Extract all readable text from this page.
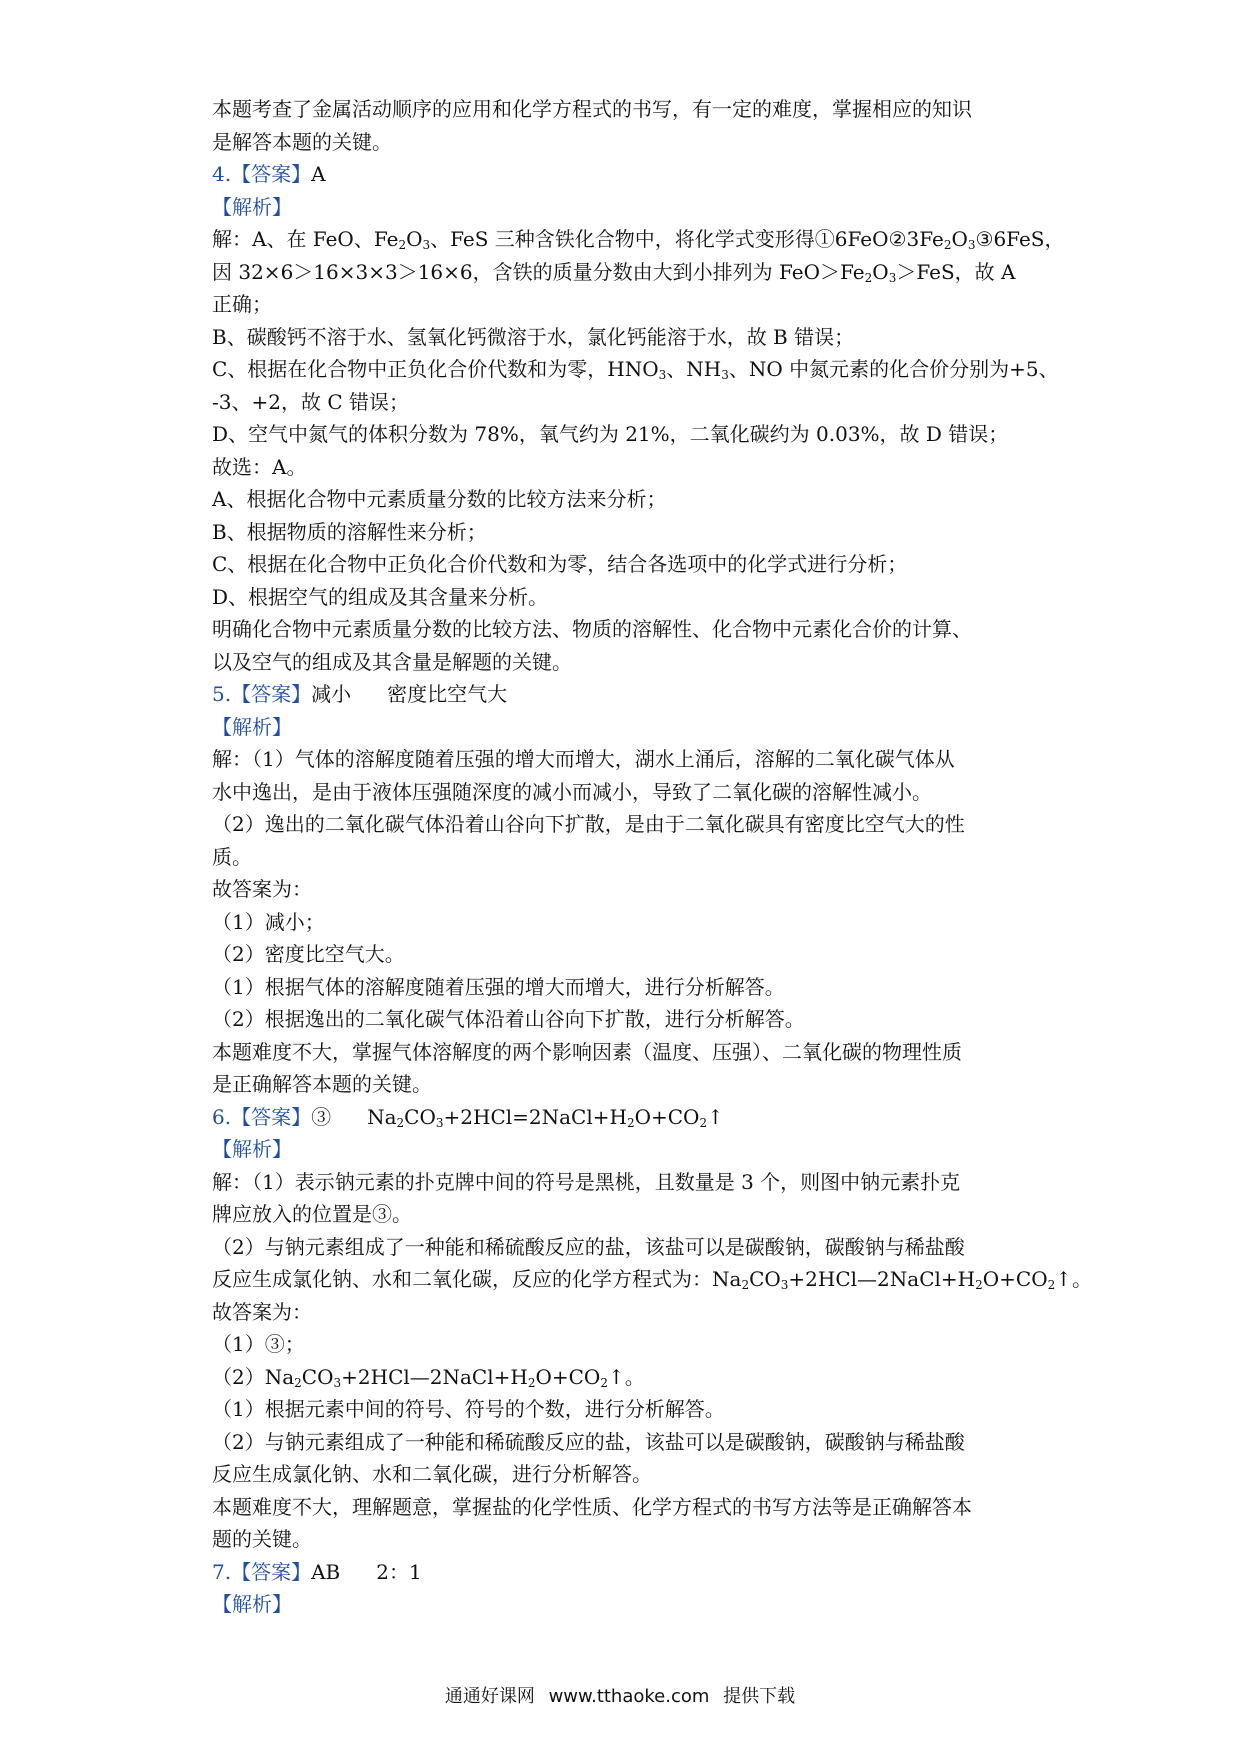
本题考查了金属活动顺序的应用和化学方程式的书写，有一定的难度，掌握相应的知识
是解答本题的关键。
4.【答案】A
【解析】
解：A、在 FeO、$Fe_2O_3$、FeS 三种含铁化合物中，将化学式变形得$①6FeO②3Fe_2O_3③6FeS$，
因 32×6＞16×3×3＞16×6，含铁的质量分数由大到小排列为 $FeO>Fe_2O_3>FeS$，故 A
正确；
B、碳酸钙不溶于水、氢氧化钙微溶于水，氯化钙能溶于水，故 B 错误；
C、根据在化合物中正负化合价代数和为零，$HNO_3$、$NH_3$、NO 中氮元素的化合价分别为+5、
-3、+2，故 C 错误；
D、空气中氮气的体积分数为 78%，氧气约为 21%，二氧化碳约为 0.03%，故 D 错误；
故选：A。
A、根据化合物中元素质量分数的比较方法来分析；
B、根据物质的溶解性来分析；
C、根据在化合物中正负化合价代数和为零，结合各选项中的化学式进行分析；
D、根据空气的组成及其含量来分析。
明确化合物中元素质量分数的比较方法、物质的溶解性、化合物中元素化合价的计算、
以及空气的组成及其含量是解题的关键。
5.【答案】减小 密度比空气大
【解析】
解：（1）气体的溶解度随着压强的增大而增大，湖水上涌后，溶解的二氧化碳气体从
水中逸出，是由于液体压强随深度的减小而减小，导致了二氧化碳的溶解性减小。
（2）逸出的二氧化碳气体沿着山谷向下扩散，是由于二氧化碳具有密度比空气大的性
质。
故答案为：
（1）减小；
（2）密度比空气大。
（1）根据气体的溶解度随着压强的增大而增大，进行分析解答。
（2）根据逸出的二氧化碳气体沿着山谷向下扩散，进行分析解答。
本题难度不大，掌握气体溶解度的两个影响因素（温度、压强）、二氧化碳的物理性质
是正确解答本题的关键。
6.【答案】③ $Na_2CO_3+2HCl=2NaCl+H_2O+CO_2↑$
【解析】
解：（1）表示钠元素的扑克牌中间的符号是黑桃，且数量是 3 个，则图中钠元素扑克
牌应放入的位置是③。
（2）与钠元素组成了一种能和稀硫酸反应的盐，该盐可以是碳酸钠，碳酸钠与稀盐酸
反应生成氯化钠、水和二氧化碳，反应的化学方程式为：$Na_2CO_3+2HCl—2NaCl+H_2O+CO_2↑$。
故答案为：
（1）③；
$(2)Na_2CO_3+2HCl—2NaCl+H_2O+CO_2↑$。
（1）根据元素中间的符号、符号的个数，进行分析解答。
（2）与钠元素组成了一种能和稀硫酸反应的盐，该盐可以是碳酸钠，碳酸钠与稀盐酸
反应生成氯化钠、水和二氧化碳，进行分析解答。
本题难度不大，理解题意，掌握盐的化学性质、化学方程式的书写方法等是正确解答本
题的关键。
7.【答案】AB 2：1
【解析】
通通好课网 www.tthaoke.com 提供下载
